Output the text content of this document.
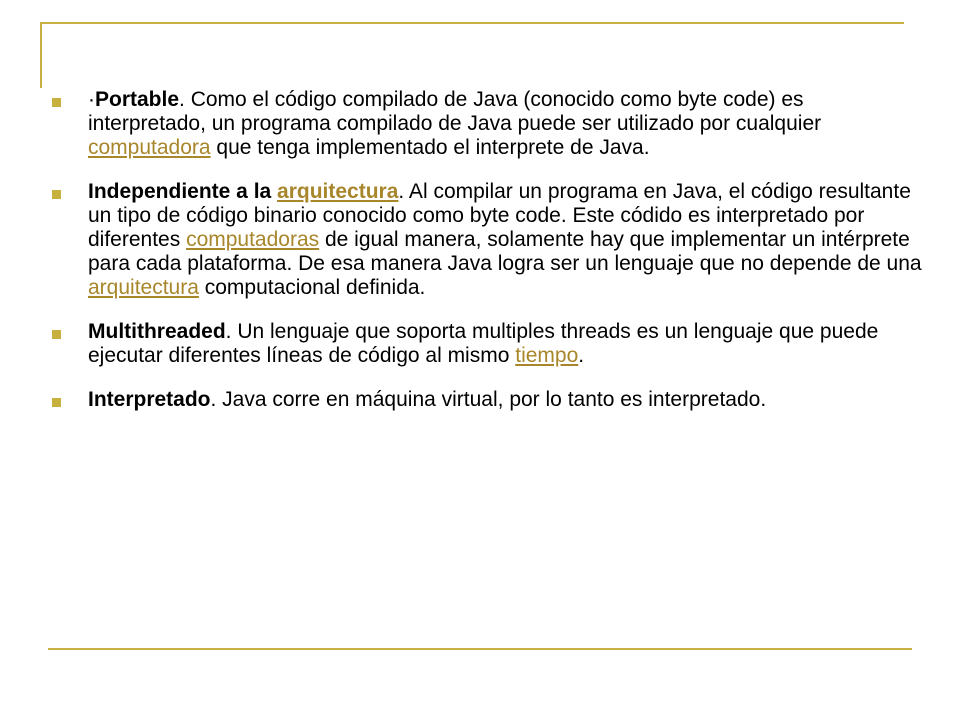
·Portable. Como el código compilado de Java (conocido como byte code) es interpretado, un programa compilado de Java puede ser utilizado por cualquier computadora que tenga implementado el interprete de Java.
Independiente a la arquitectura. Al compilar un programa en Java, el código resultante un tipo de código binario conocido como byte code. Este códido es interpretado por diferentes computadoras de igual manera, solamente hay que implementar un intérprete para cada plataforma. De esa manera Java logra ser un lenguaje que no depende de una arquitectura computacional definida.
Multithreaded. Un lenguaje que soporta multiples threads es un lenguaje que puede ejecutar diferentes líneas de código al mismo tiempo.
Interpretado. Java corre en máquina virtual, por lo tanto es interpretado.
